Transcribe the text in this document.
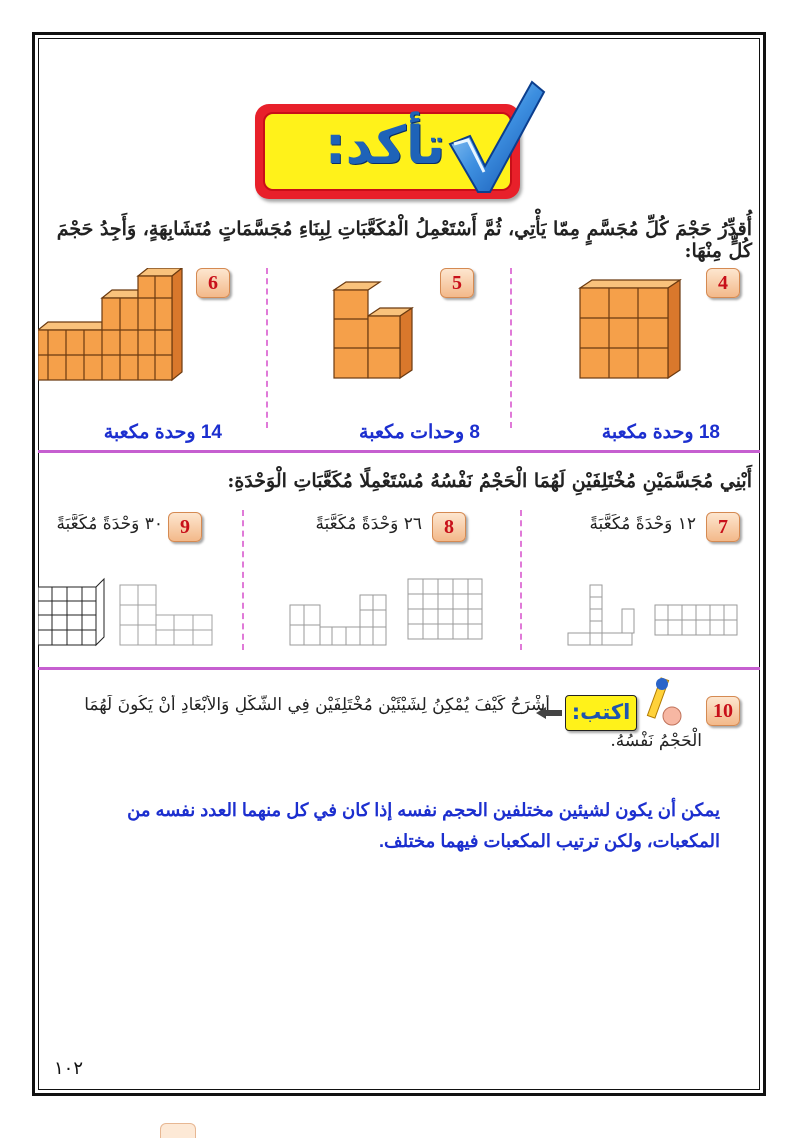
تأكد:
أُقدِّرُ حَجْمَ كُلِّ مُجَسَّمٍ مِمّا يَأْتِي، ثُمَّ أَسْتَعْمِلُ الْمُكَعَّبَاتِ لِبِنَاءِ مُجَسَّمَاتٍ مُتَشَابِهَةٍ، وَأَجِدُ حَجْمَ كُلٍّ مِنْهَا:
4
5
6
18 وحدة مكعبة
8 وحدات مكعبة
14 وحدة مكعبة
أَبْنِي مُجَسَّمَيْنِ مُخْتَلِفَيْنِ لَهُمَا الْحَجْمُ نَفْسُهُ مُسْتَعْمِلًا مُكَعَّبَاتِ الْوَحْدَةِ:
7
8
9	١٢ وَحْدَةً مُكَعَّبَةً
٢٦ وَحْدَةً مُكَعَّبَةً
٣٠ وَحْدَةً مُكَعَّبَةً
10
اكتب:
أَشْرَحُ كَيْفَ يُمْكِنُ لِشَيْئَيْنِ مُخْتَلِفَيْنِ فِي الشَّكْلِ وَالأَبْعَادِ أَنْ يَكُونَ لَهُمَا
الْحَجْمُ نَفْسُهُ.
يمكن أن يكون لشيئين مختلفين الحجم نفسه إذا كان في كل منهما العدد نفسه من المكعبات، ولكن ترتيب المكعبات فيهما مختلف.
١٠٢
